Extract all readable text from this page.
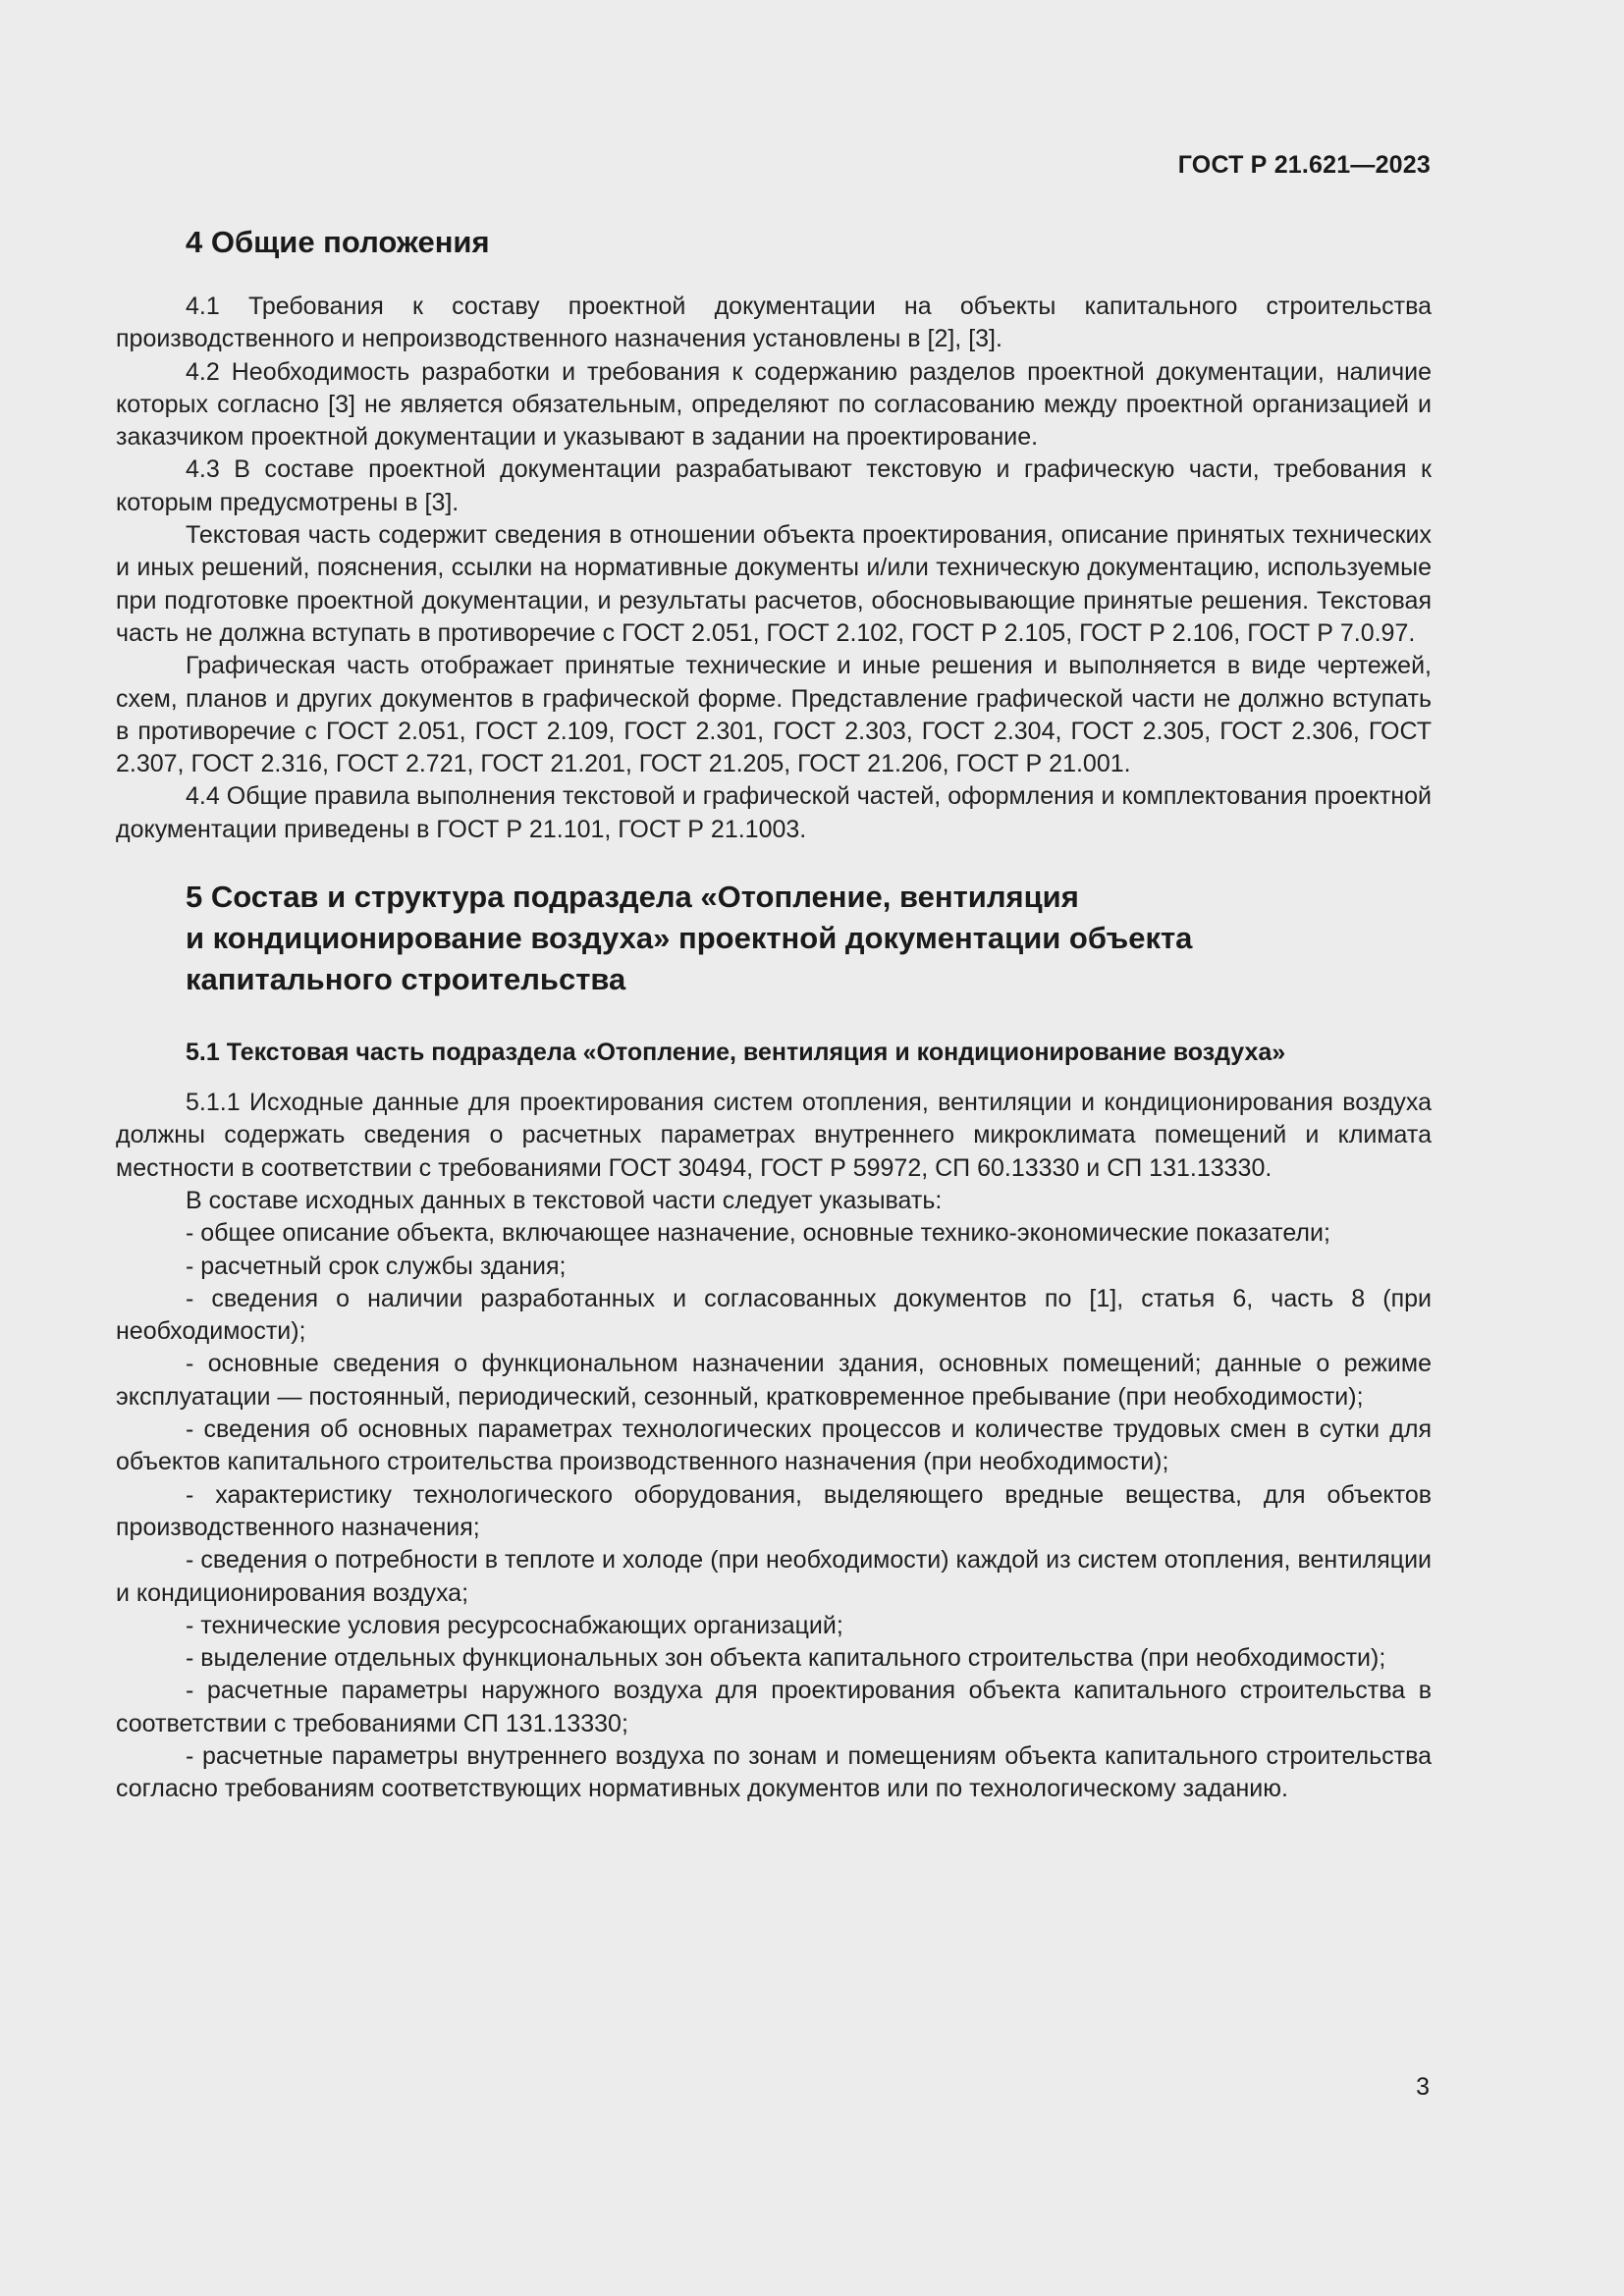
ГОСТ Р 21.621—2023
4 Общие положения

4.1 Требования к составу проектной документации на объекты капитального строительства производственного и непроизводственного назначения установлены в [2], [3].

4.2 Необходимость разработки и требования к содержанию разделов проектной документации, наличие которых согласно [3] не является обязательным, определяют по согласованию между проектной организацией и заказчиком проектной документации и указывают в задании на проектирование.

4.3 В составе проектной документации разрабатывают текстовую и графическую части, требования к которым предусмотрены в [3].

Текстовая часть содержит сведения в отношении объекта проектирования, описание принятых технических и иных решений, пояснения, ссылки на нормативные документы и/или техническую документацию, используемые при подготовке проектной документации, и результаты расчетов, обосновывающие принятые решения. Текстовая часть не должна вступать в противоречие с ГОСТ 2.051, ГОСТ 2.102, ГОСТ Р 2.105, ГОСТ Р 2.106, ГОСТ Р 7.0.97.

Графическая часть отображает принятые технические и иные решения и выполняется в виде чертежей, схем, планов и других документов в графической форме. Представление графической части не должно вступать в противоречие с ГОСТ 2.051, ГОСТ 2.109, ГОСТ 2.301, ГОСТ 2.303, ГОСТ 2.304, ГОСТ 2.305, ГОСТ 2.306, ГОСТ 2.307, ГОСТ 2.316, ГОСТ 2.721, ГОСТ 21.201, ГОСТ 21.205, ГОСТ 21.206, ГОСТ Р 21.001.

4.4 Общие правила выполнения текстовой и графической частей, оформления и комплектования проектной документации приведены в ГОСТ Р 21.101, ГОСТ Р 21.1003.

5 Состав и структура подраздела «Отопление, вентиляция
и кондиционирование воздуха» проектной документации объекта
капитального строительства
5.1 Текстовая часть подраздела «Отопление, вентиляция и кондиционирование воздуха»

5.1.1 Исходные данные для проектирования систем отопления, вентиляции и кондиционирования воздуха должны содержать сведения о расчетных параметрах внутреннего микроклимата помещений и климата местности в соответствии с требованиями ГОСТ 30494, ГОСТ Р 59972, СП 60.13330 и СП 131.13330.

В составе исходных данных в текстовой части следует указывать:

- общее описание объекта, включающее назначение, основные технико-экономические показатели;

- расчетный срок службы здания;

- сведения о наличии разработанных и согласованных документов по [1], статья 6, часть 8 (при необходимости);

- основные сведения о функциональном назначении здания, основных помещений; данные о режиме эксплуатации — постоянный, периодический, сезонный, кратковременное пребывание (при необходимости);

- сведения об основных параметрах технологических процессов и количестве трудовых смен в сутки для объектов капитального строительства производственного назначения (при необходимости);

- характеристику технологического оборудования, выделяющего вредные вещества, для объектов производственного назначения;

- сведения о потребности в теплоте и холоде (при необходимости) каждой из систем отопления, вентиляции и кондиционирования воздуха;

- технические условия ресурсоснабжающих организаций;

- выделение отдельных функциональных зон объекта капитального строительства (при необходимости);

- расчетные параметры наружного воздуха для проектирования объекта капитального строительства в соответствии с требованиями СП 131.13330;

- расчетные параметры внутреннего воздуха по зонам и помещениям объекта капитального строительства согласно требованиям соответствующих нормативных документов или по технологическому заданию.

3
